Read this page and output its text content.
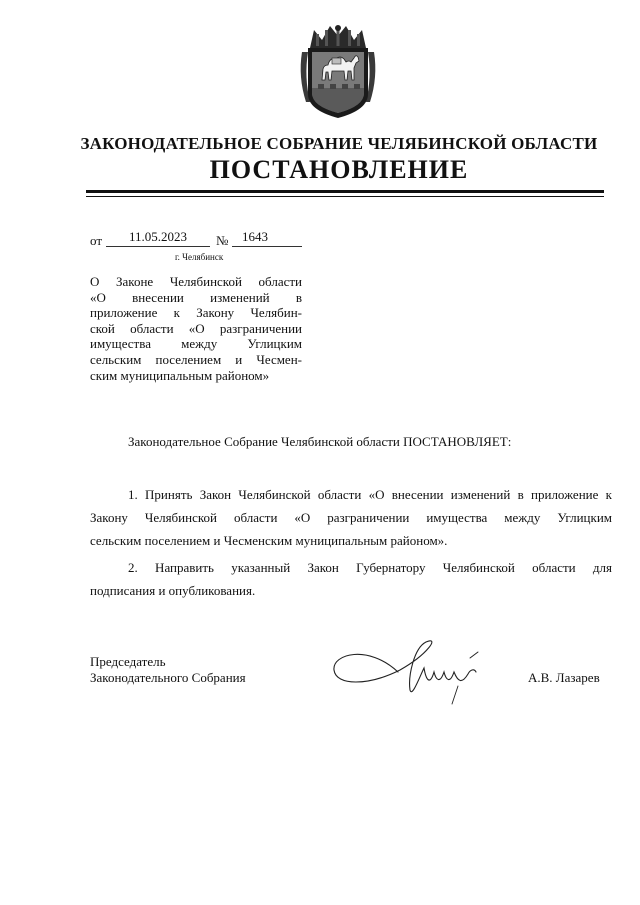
ЗАКОНОДАТЕЛЬНОЕ СОБРАНИЕ ЧЕЛЯБИНСКОЙ ОБЛАСТИ
ПОСТАНОВЛЕНИЕ
от	11.05.2023	№	1643
г. Челябинск
О Законе Челябинской области
«О внесении изменений в
приложение к Закону Челябин-
ской области «О разграничении
имущества между Углицким
сельским поселением и Чесмен-
ским муниципальным районом»
Законодательное Собрание Челябинской области ПОСТАНОВЛЯЕТ:
1. Принять Закон Челябинской области «О внесении изменений в приложение к
Закону Челябинской области «О разграничении имущества между Углицким
сельским поселением и Чесменским муниципальным районом».
2. Направить указанный Закон Губернатору Челябинской области для
подписания и опубликования.
Председатель
Законодательного Собрания	А.В. Лазарев
